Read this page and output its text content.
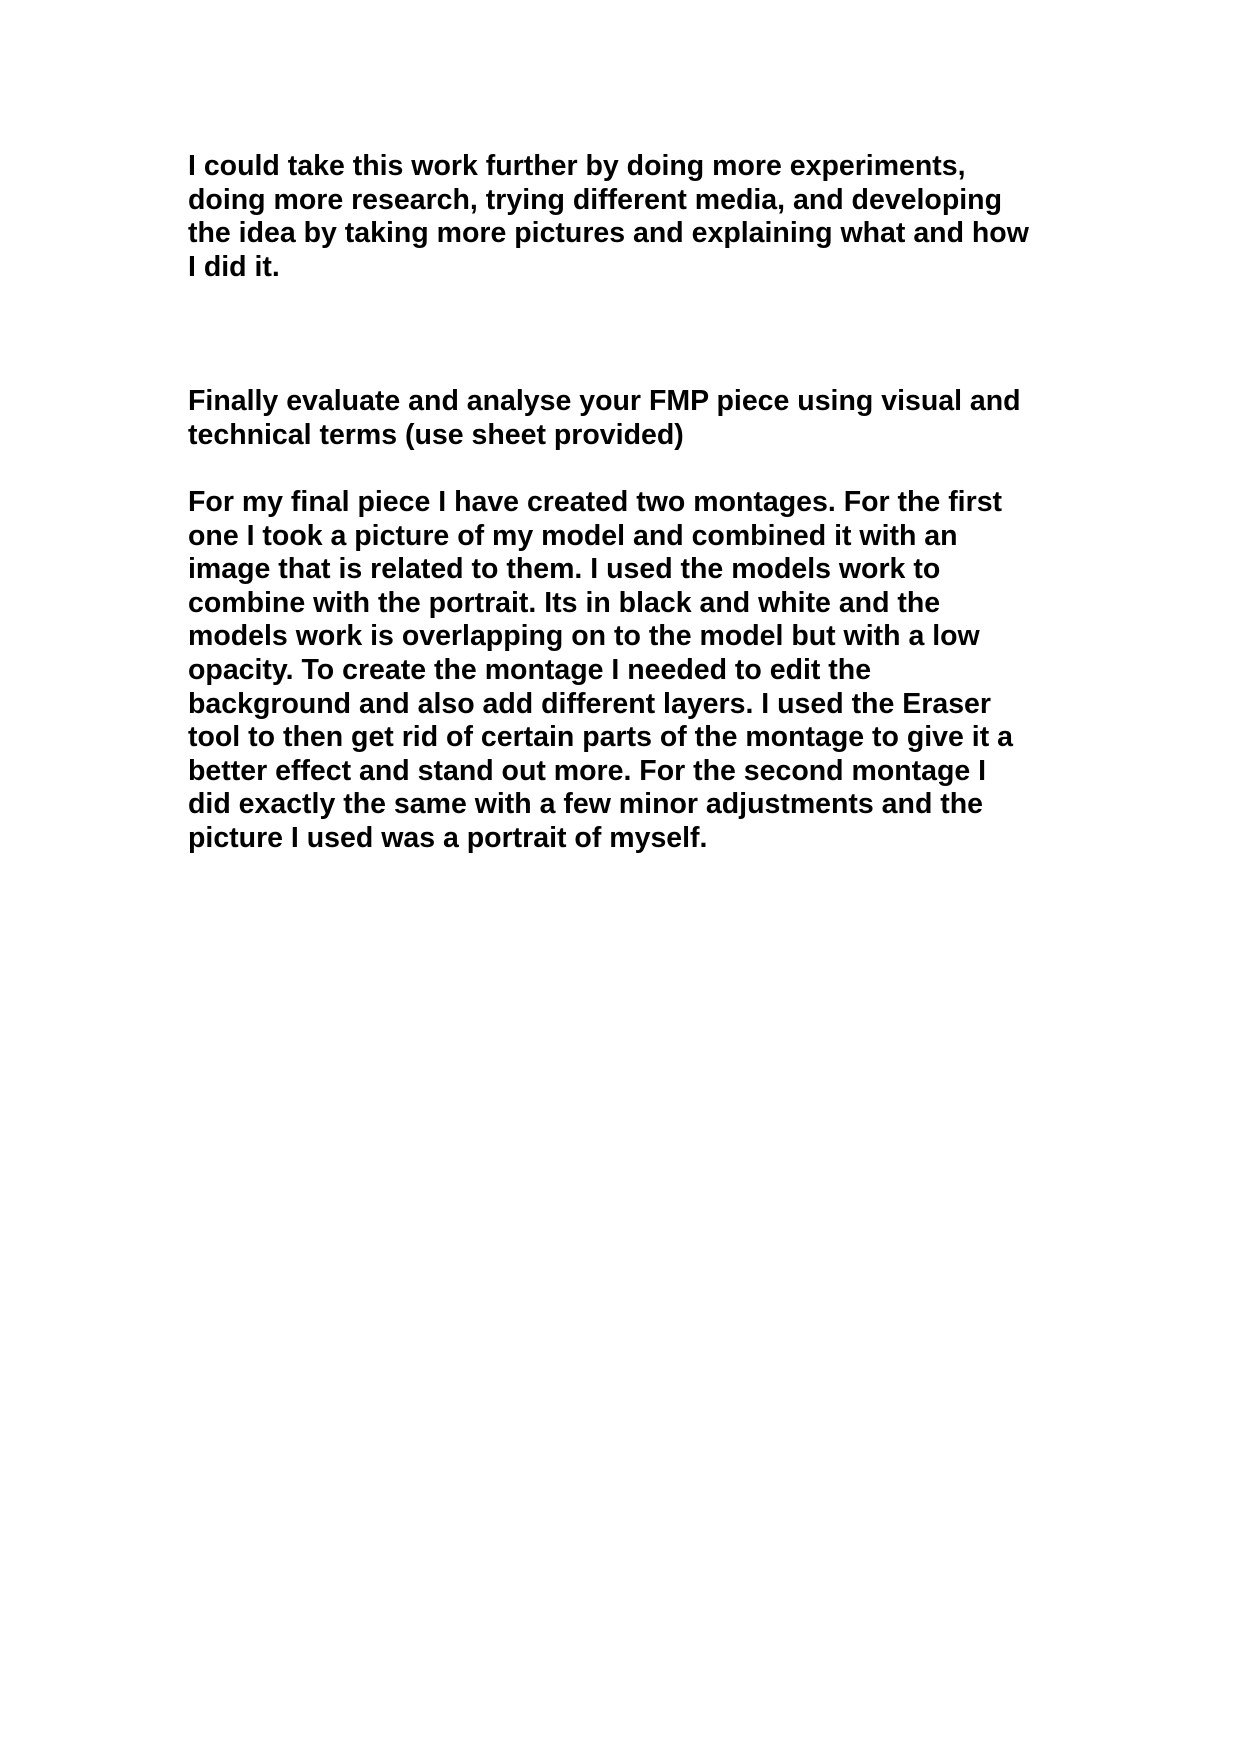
I could take this work further by doing more experiments,
doing more research, trying different media, and developing
the idea by taking more pictures and explaining what and how
I did it.

Finally evaluate and analyse your FMP piece using visual and
technical terms (use sheet provided)

For my final piece I have created two montages. For the first
one I took a picture of my model and combined it with an
image that is related to them. I used the models work to
combine with the portrait. Its in black and white and the
models work is overlapping on to the model but with a low
opacity. To create the montage I needed to edit the
background and also add different layers. I used the Eraser
tool to then get rid of certain parts of the montage to give it a
better effect and stand out more. For the second montage I
did exactly the same with a few minor adjustments and the
picture I used was a portrait of myself.
